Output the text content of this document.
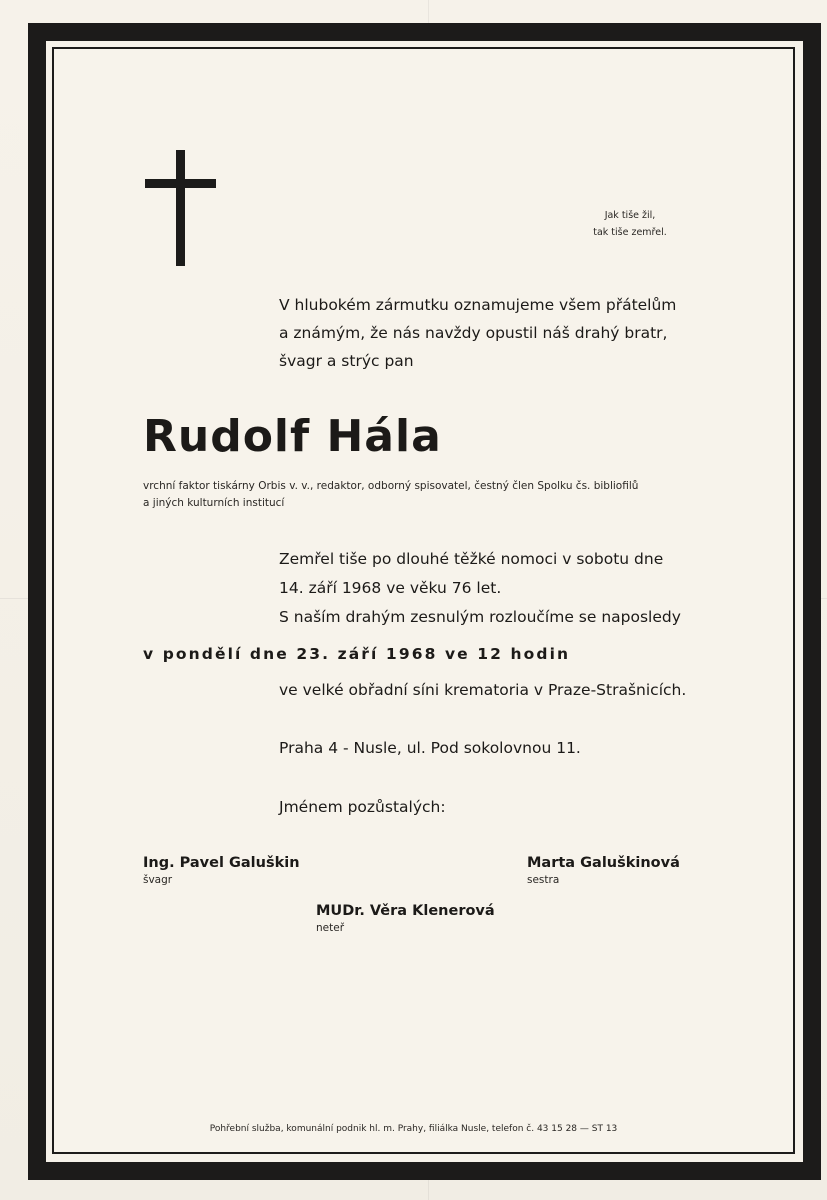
Jak tiše žil,
tak tiše zemřel.
V hlubokém zármutku oznamujeme všem přátelům
a známým, že nás navždy opustil náš drahý bratr,
švagr a strýc pan
Rudolf Hála
vrchní faktor tiskárny Orbis v. v., redaktor, odborný spisovatel, čestný člen Spolku čs. bibliofilů
a jiných kulturních institucí
Zemřel tiše po dlouhé těžké nomoci v sobotu dne
14. září 1968 ve věku 76 let.
S naším drahým zesnulým rozloučíme se naposledy
v pondělí dne 23. září 1968 ve 12 hodin
ve velké obřadní síni krematoria v Praze-Strašnicích.
Praha 4 - Nusle, ul. Pod sokolovnou 11.
Jménem pozůstalých:
Ing. Pavel Galuškin
švagr
Marta Galuškinová
sestra
MUDr. Věra Klenerová
neteř
Pohřební služba, komunální podnik hl. m. Prahy, filiálka Nusle, telefon č. 43 15 28 — ST 13
